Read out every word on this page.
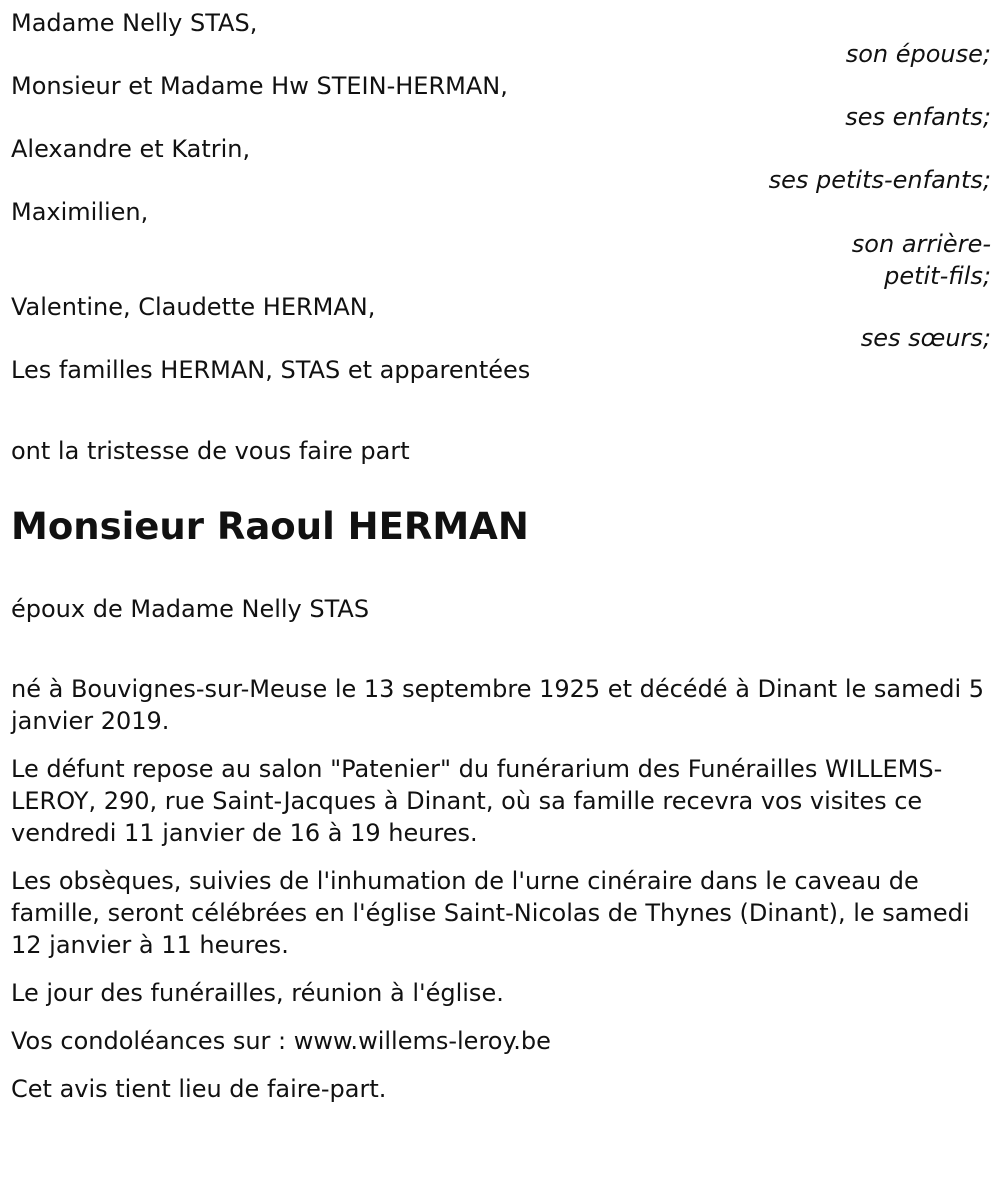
Madame Nelly STAS,
son épouse;
Monsieur et Madame Hw STEIN-HERMAN,
ses enfants;
Alexandre et Katrin,
ses petits-enfants;
Maximilien,
son arrière-
petit-fils;
Valentine, Claudette HERMAN,
ses sœurs;
Les familles HERMAN, STAS et apparentées
ont la tristesse de vous faire part
Monsieur Raoul HERMAN

époux de Madame Nelly STAS

né à Bouvignes-sur-Meuse le 13 septembre 1925 et décédé à Dinant le samedi 5 janvier 2019.

Le défunt repose au salon "Patenier" du funérarium des Funérailles WILLEMS-LEROY, 290, rue Saint-Jacques à Dinant, où sa famille recevra vos visites ce vendredi 11 janvier de 16 à 19 heures.

Les obsèques, suivies de l'inhumation de l'urne cinéraire dans le caveau de famille, seront célébrées en l'église Saint-Nicolas de Thynes (Dinant), le samedi 12 janvier à 11 heures.

Le jour des funérailles, réunion à l'église.

Vos condoléances sur : www.willems-leroy.be

Cet avis tient lieu de faire-part.
